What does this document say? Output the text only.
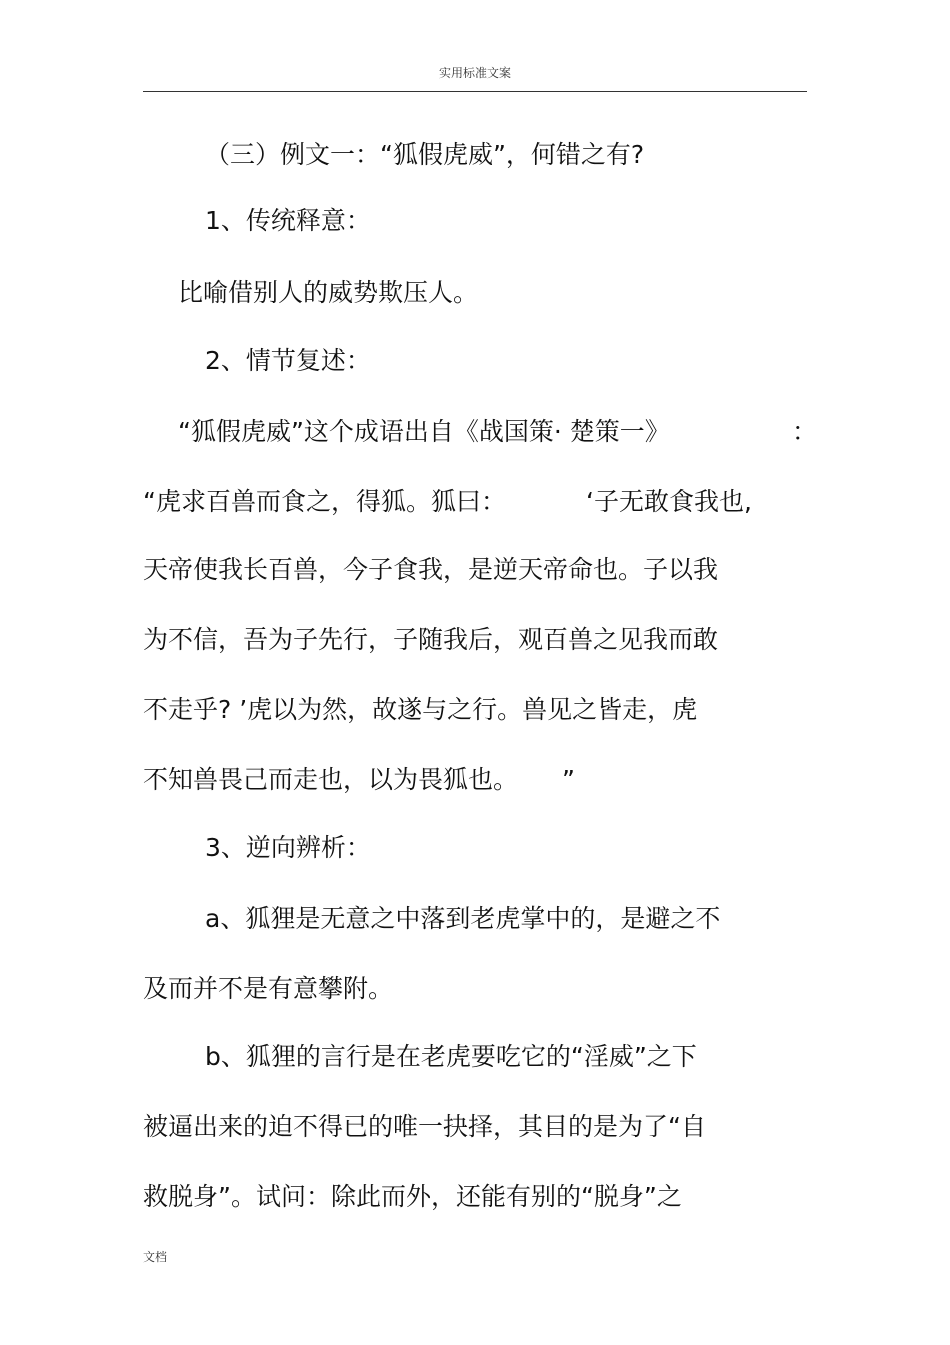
实用标准文案
（三）例文一：“狐假虎威”，何错之有?
1、传统释意：
比喻借别人的威势欺压人。
2、情节复述：
“狐假虎威”这个成语出自《战国策· 楚策一》	：
“虎求百兽而食之，得狐。狐曰：	‘子无敢食我也,
天帝使我长百兽，今子食我，是逆天帝命也。子以我
为不信，吾为子先行，子随我后，观百兽之见我而敢
不走乎? ’虎以为然，故遂与之行。兽见之皆走，虎
不知兽畏己而走也，以为畏狐也。 ”
3、逆向辨析：
a、狐狸是无意之中落到老虎掌中的，是避之不
及而并不是有意攀附。
b、狐狸的言行是在老虎要吃它的“淫威”之下
被逼出来的迫不得已的唯一抉择，其目的是为了“自
救脱身”。试问：除此而外，还能有别的“脱身”之
文档
